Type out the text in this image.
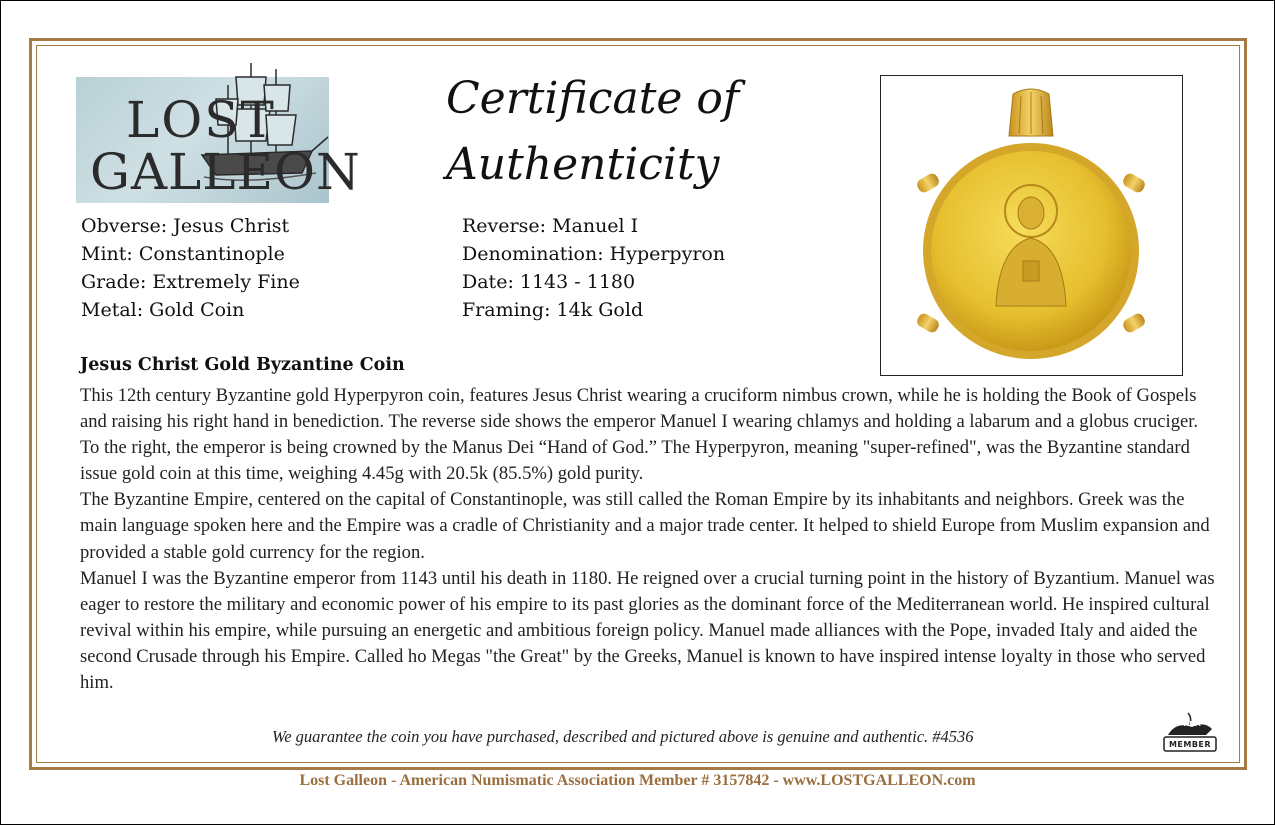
LOST
GALLEON
Certificate of
Authenticity
Obverse: Jesus Christ
Mint: Constantinople
Grade: Extremely Fine
Metal: Gold Coin
Reverse: Manuel I
Denomination: Hyperpyron
Date: 1143 - 1180
Framing: 14k Gold
Jesus Christ Gold Byzantine Coin

This 12th century Byzantine gold Hyperpyron coin, features Jesus Christ wearing a cruciform nimbus crown, while he is holding the Book of Gospels and raising his right hand in benediction. The reverse side shows the emperor Manuel I wearing chlamys and holding a labarum and a globus cruciger. To the right, the emperor is being crowned by the Manus Dei “Hand of God.” The Hyperpyron, meaning "super-refined", was the Byzantine standard issue gold coin at this time, weighing 4.45g with 20.5k (85.5%) gold purity.

The Byzantine Empire, centered on the capital of Constantinople, was still called the Roman Empire by its inhabitants and neighbors. Greek was the main language spoken here and the Empire was a cradle of Christianity and a major trade center. It helped to shield Europe from Muslim expansion and provided a stable gold currency for the region.

Manuel I was the Byzantine emperor from 1143 until his death in 1180. He reigned over a crucial turning point in the history of Byzantium. Manuel was eager to restore the military and economic power of his empire to its past glories as the dominant force of the Mediterranean world. He inspired cultural revival within his empire, while pursuing an energetic and ambitious foreign policy. Manuel made alliances with the Pope, invaded Italy and aided the second Crusade through his Empire. Called ho Megas "the Great" by the Greeks, Manuel is known to have inspired intense loyalty in those who served him.

We guarantee the coin you have purchased, described and pictured above is genuine and authentic. #4536
ANA
MEMBER
Lost Galleon - American Numismatic Association Member # 3157842 - www.LOSTGALLEON.com
